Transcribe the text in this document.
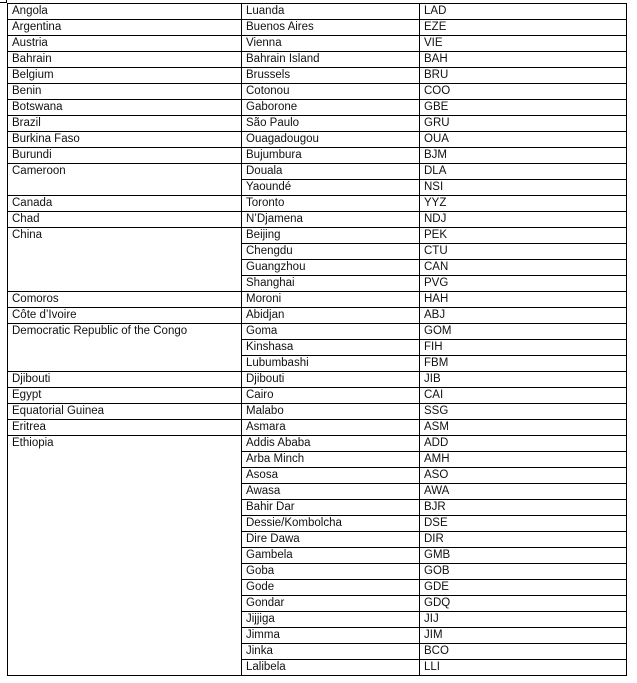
Angola	Luanda	LAD
Argentina	Buenos Aires	EZE
Austria	Vienna	VIE
Bahrain	Bahrain Island	BAH
Belgium	Brussels	BRU
Benin	Cotonou	COO
Botswana	Gaborone	GBE
Brazil	São Paulo	GRU
Burkina Faso	Ouagadougou	OUA
Burundi	Bujumbura	BJM
Cameroon	Douala	DLA
	Yaoundé	NSI
Canada	Toronto	YYZ
Chad	N’Djamena	NDJ
China	Beijing	PEK
	Chengdu	CTU
	Guangzhou	CAN
	Shanghai	PVG
Comoros	Moroni	HAH
Côte d’Ivoire	Abidjan	ABJ
Democratic Republic of the Congo	Goma	GOM
	Kinshasa	FIH
	Lubumbashi	FBM
Djibouti	Djibouti	JIB
Egypt	Cairo	CAI
Equatorial Guinea	Malabo	SSG
Eritrea	Asmara	ASM
Ethiopia	Addis Ababa	ADD
	Arba Minch	AMH
	Asosa	ASO
	Awasa	AWA
	Bahir Dar	BJR
	Dessie/Kombolcha	DSE
	Dire Dawa	DIR
	Gambela	GMB
	Goba	GOB
	Gode	GDE
	Gondar	GDQ
	Jijjiga	JIJ
	Jimma	JIM
	Jinka	BCO
	Lalibela	LLI
